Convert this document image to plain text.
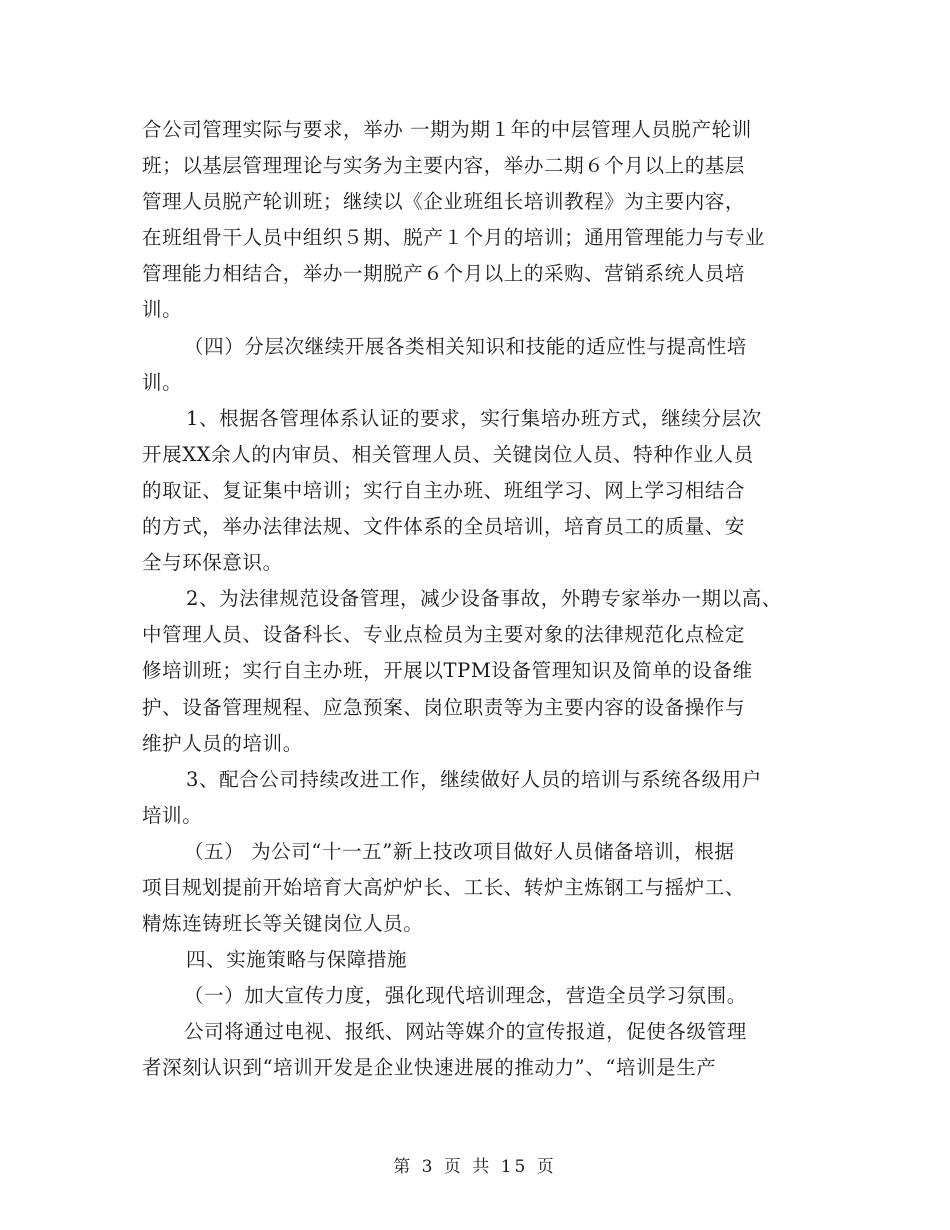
合公司管理实际与要求，举办 一期为期１年的中层管理人员脱产轮训
班；以基层管理理论与实务为主要内容，举办二期６个月以上的基层
管理人员脱产轮训班；继续以《企业班组长培训教程》为主要内容，
在班组骨干人员中组织５期、脱产１个月的培训；通用管理能力与专业
管理能力相结合，举办一期脱产６个月以上的采购、营销系统人员培
训。
（四）分层次继续开展各类相关知识和技能的适应性与提高性培
训。
1、根据各管理体系认证的要求，实行集培办班方式，继续分层次
开展XX余人的内审员、相关管理人员、关键岗位人员、特种作业人员
的取证、复证集中培训；实行自主办班、班组学习、网上学习相结合
的方式，举办法律法规、文件体系的全员培训，培育员工的质量、安
全与环保意识。
2、为法律规范设备管理，减少设备事故，外聘专家举办一期以高、
中管理人员、设备科长、专业点检员为主要对象的法律规范化点检定
修培训班；实行自主办班，开展以TPM设备管理知识及简单的设备维
护、设备管理规程、应急预案、岗位职责等为主要内容的设备操作与
维护人员的培训。
3、配合公司持续改进工作，继续做好人员的培训与系统各级用户
培训。
（五） 为公司“十一五”新上技改项目做好人员储备培训，根据
项目规划提前开始培育大高炉炉长、工长、转炉主炼钢工与摇炉工、
精炼连铸班长等关键岗位人员。
四、实施策略与保障措施
（一）加大宣传力度，强化现代培训理念，营造全员学习氛围。
公司将通过电视、报纸、网站等媒介的宣传报道，促使各级管理
者深刻认识到“培训开发是企业快速进展的推动力”、“培训是生产
第 3 页 共 15 页
